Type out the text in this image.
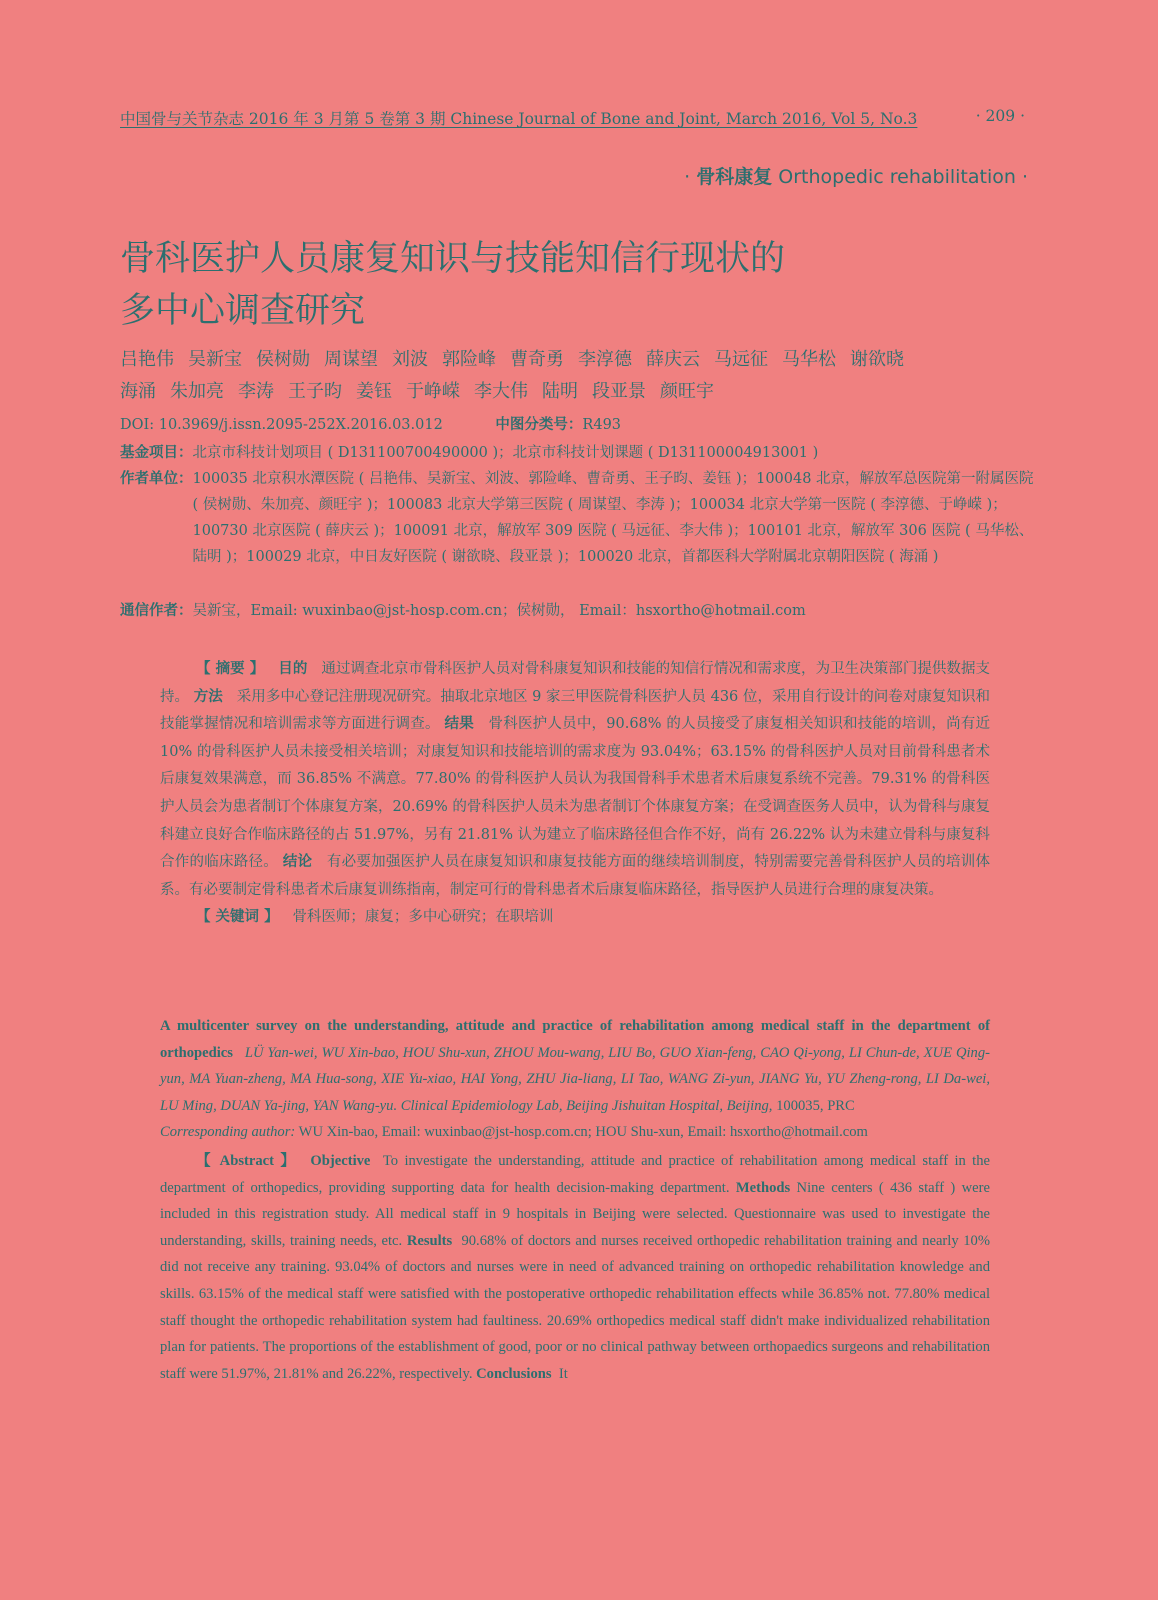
中国骨与关节杂志 2016 年 3 月第 5 卷第 3 期 Chinese Journal of Bone and Joint, March 2016, Vol 5, No.3	· 209 ·
· 骨科康复 Orthopedic rehabilitation ·
骨科医护人员康复知识与技能知信行现状的
多中心调查研究
吕艳伟 吴新宝 侯树勋 周谋望 刘波 郭险峰 曹奇勇 李淳德 薛庆云 马远征 马华松 谢欲晓
海涌 朱加亮 李涛 王子昀 姜钰 于峥嵘 李大伟 陆明 段亚景 颜旺宇
DOI: 10.3969/j.issn.2095-252X.2016.03.012	中图分类号：R493
基金项目：北京市科技计划项目 ( D131100700490000 )；北京市科技计划课题 ( D131100004913001 )
作者单位： 100035 北京积水潭医院 ( 吕艳伟、吴新宝、刘波、郭险峰、曹奇勇、王子昀、姜钰 )；100048 北京，解放军总医院第一附属医院 ( 侯树勋、朱加亮、颜旺宇 )；100083 北京大学第三医院 ( 周谋望、李涛 )；100034 北京大学第一医院 ( 李淳德、于峥嵘 )；100730 北京医院 ( 薛庆云 )；100091 北京，解放军 309 医院 ( 马远征、李大伟 )；100101 北京，解放军 306 医院 ( 马华松、陆明 )；100029 北京，中日友好医院 ( 谢欲晓、段亚景 )；100020 北京，首都医科大学附属北京朝阳医院 ( 海涌 )
通信作者：吴新宝，Email: wuxinbao@jst-hosp.com.cn；侯树勋， Email：hsxortho@hotmail.com

【 摘要 】 目的 通过调查北京市骨科医护人员对骨科康复知识和技能的知信行情况和需求度，为卫生决策部门提供数据支持。 方法 采用多中心登记注册现况研究。抽取北京地区 9 家三甲医院骨科医护人员 436 位，采用自行设计的问卷对康复知识和技能掌握情况和培训需求等方面进行调查。 结果 骨科医护人员中，90.68% 的人员接受了康复相关知识和技能的培训，尚有近 10% 的骨科医护人员未接受相关培训；对康复知识和技能培训的需求度为 93.04%；63.15% 的骨科医护人员对目前骨科患者术后康复效果满意，而 36.85% 不满意。77.80% 的骨科医护人员认为我国骨科手术患者术后康复系统不完善。79.31% 的骨科医护人员会为患者制订个体康复方案，20.69% 的骨科医护人员未为患者制订个体康复方案；在受调查医务人员中，认为骨科与康复科建立良好合作临床路径的占 51.97%，另有 21.81% 认为建立了临床路径但合作不好，尚有 26.22% 认为未建立骨科与康复科合作的临床路径。 结论 有必要加强医护人员在康复知识和康复技能方面的继续培训制度，特别需要完善骨科医护人员的培训体系。有必要制定骨科患者术后康复训练指南，制定可行的骨科患者术后康复临床路径，指导医护人员进行合理的康复决策。

【 关键词 】 骨科医师；康复；多中心研究；在职培训

A multicenter survey on the understanding, attitude and practice of rehabilitation among medical staff in the department of orthopedics LÜ Yan-wei, WU Xin-bao, HOU Shu-xun, ZHOU Mou-wang, LIU Bo, GUO Xian-feng, CAO Qi-yong, LI Chun-de, XUE Qing-yun, MA Yuan-zheng, MA Hua-song, XIE Yu-xiao, HAI Yong, ZHU Jia-liang, LI Tao, WANG Zi-yun, JIANG Yu, YU Zheng-rong, LI Da-wei, LU Ming, DUAN Ya-jing, YAN Wang-yu. Clinical Epidemiology Lab, Beijing Jishuitan Hospital, Beijing, 100035, PRC

Corresponding author: WU Xin-bao, Email: wuxinbao@jst-hosp.com.cn; HOU Shu-xun, Email: hsxortho@hotmail.com

【 Abstract 】 Objective To investigate the understanding, attitude and practice of rehabilitation among medical staff in the department of orthopedics, providing supporting data for health decision-making department. Methods Nine centers ( 436 staff ) were included in this registration study. All medical staff in 9 hospitals in Beijing were selected. Questionnaire was used to investigate the understanding, skills, training needs, etc. Results 90.68% of doctors and nurses received orthopedic rehabilitation training and nearly 10% did not receive any training. 93.04% of doctors and nurses were in need of advanced training on orthopedic rehabilitation knowledge and skills. 63.15% of the medical staff were satisfied with the postoperative orthopedic rehabilitation effects while 36.85% not. 77.80% medical staff thought the orthopedic rehabilitation system had faultiness. 20.69% orthopedics medical staff didn't make individualized rehabilitation plan for patients. The proportions of the establishment of good, poor or no clinical pathway between orthopaedics surgeons and rehabilitation staff were 51.97%, 21.81% and 26.22%, respectively. Conclusions It
